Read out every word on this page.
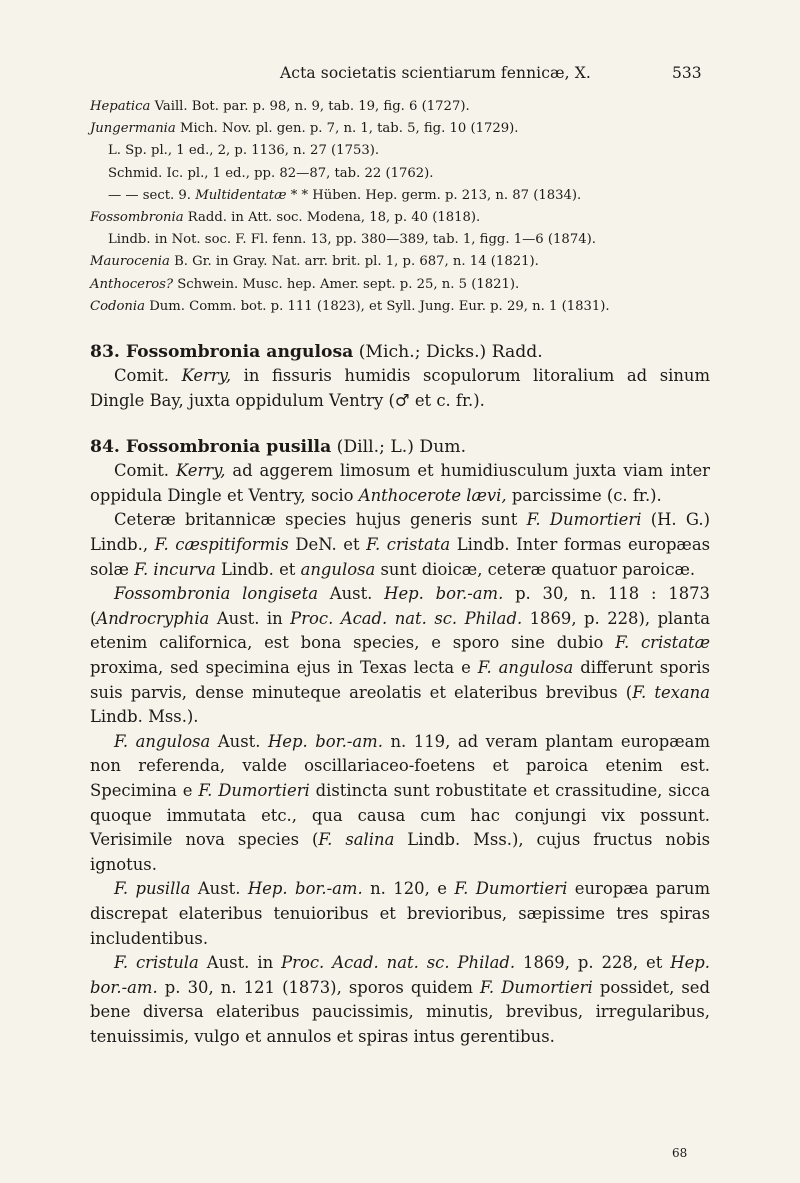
Acta societatis scientiarum fennicæ, X.	533

Hepatica Vaill. Bot. par. p. 98, n. 9, tab. 19, fig. 6 (1727).

Jungermania Mich. Nov. pl. gen. p. 7, n. 1, tab. 5, fig. 10 (1729).

L. Sp. pl., 1 ed., 2, p. 1136, n. 27 (1753).

Schmid. Ic. pl., 1 ed., pp. 82—87, tab. 22 (1762).

— — sect. 9. Multidentatæ * * Hüben. Hep. germ. p. 213, n. 87 (1834).

Fossombronia Radd. in Att. soc. Modena, 18, p. 40 (1818).

Lindb. in Not. soc. F. Fl. fenn. 13, pp. 380—389, tab. 1, figg. 1—6 (1874).

Maurocenia B. Gr. in Gray. Nat. arr. brit. pl. 1, p. 687, n. 14 (1821).

Anthoceros? Schwein. Musc. hep. Amer. sept. p. 25, n. 5 (1821).

Codonia Dum. Comm. bot. p. 111 (1823), et Syll. Jung. Eur. p. 29, n. 1 (1831).

83. Fossombronia angulosa (Mich.; Dicks.) Radd.

Comit. Kerry, in fissuris humidis scopulorum litoralium ad sinum Dingle Bay, juxta oppidulum Ventry (♂ et c. fr.).

84. Fossombronia pusilla (Dill.; L.) Dum.

Comit. Kerry, ad aggerem limosum et humidiusculum juxta viam inter oppidula Dingle et Ventry, socio Anthocerote lævi, parcissime (c. fr.).

Ceteræ britannicæ species hujus generis sunt F. Dumortieri (H. G.) Lindb., F. cæspitiformis DeN. et F. cristata Lindb. Inter formas europæas solæ F. incurva Lindb. et angulosa sunt dioicæ, ceteræ quatuor paroicæ.

Fossombronia longiseta Aust. Hep. bor.-am. p. 30, n. 118 : 1873 (Androcryphia Aust. in Proc. Acad. nat. sc. Philad. 1869, p. 228), planta etenim californica, est bona species, e sporo sine dubio F. cristatæ proxima, sed specimina ejus in Texas lecta e F. angulosa differunt sporis suis parvis, dense minuteque areolatis et elateribus brevibus (F. texana Lindb. Mss.).

F. angulosa Aust. Hep. bor.-am. n. 119, ad veram plantam europæam non referenda, valde oscillariaceo-foetens et paroica etenim est. Specimina e F. Dumortieri distincta sunt robustitate et crassitudine, sicca quoque immutata etc., qua causa cum hac conjungi vix possunt. Verisimile nova species (F. salina Lindb. Mss.), cujus fructus nobis ignotus.

F. pusilla Aust. Hep. bor.-am. n. 120, e F. Dumortieri europæa parum discrepat elateribus tenuioribus et brevioribus, sæpissime tres spiras includentibus.

F. cristula Aust. in Proc. Acad. nat. sc. Philad. 1869, p. 228, et Hep. bor.-am. p. 30, n. 121 (1873), sporos quidem F. Dumortieri possidet, sed bene diversa elateribus paucissimis, minutis, brevibus, irregularibus, tenuissimis, vulgo et annulos et spiras intus gerentibus.

68
